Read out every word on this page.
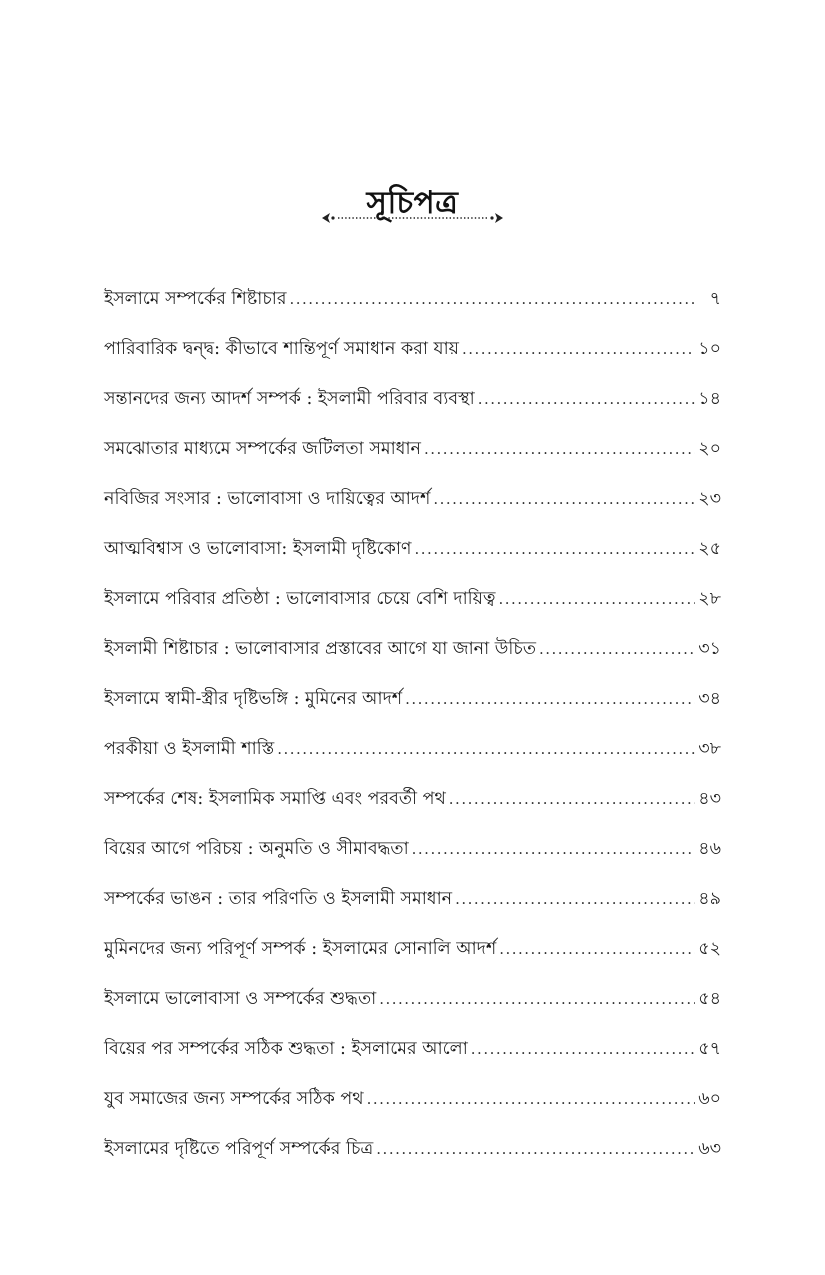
সূচিপত্র
ইসলামে সম্পর্কের শিষ্টাচার .....	৭
পারিবারিক দ্বন্দ্ব: কীভাবে শান্তিপূর্ণ সমাধান করা যায় .....	১০
সন্তানদের জন্য আদর্শ সম্পর্ক : ইসলামী পরিবার ব্যবস্থা .....	১৪
সমঝোতার মাধ্যমে সম্পর্কের জটিলতা সমাধান .....	২০
নবিজির সংসার : ভালোবাসা ও দায়িত্বের আদর্শ .....	২৩
আত্মবিশ্বাস ও ভালোবাসা: ইসলামী দৃষ্টিকোণ .....	২৫
ইসলামে পরিবার প্রতিষ্ঠা : ভালোবাসার চেয়ে বেশি দায়িত্ব .....	২৮
ইসলামী শিষ্টাচার : ভালোবাসার প্রস্তাবের আগে যা জানা উচিত .....	৩১
ইসলামে স্বামী-স্ত্রীর দৃষ্টিভঙ্গি : মুমিনের আদর্শ .....	৩৪
পরকীয়া ও ইসলামী শাস্তি .....	৩৮
সম্পর্কের শেষ: ইসলামিক সমাপ্তি এবং পরবর্তী পথ .....	৪৩
বিয়ের আগে পরিচয় : অনুমতি ও সীমাবদ্ধতা .....	৪৬
সম্পর্কের ভাঙন : তার পরিণতি ও ইসলামী সমাধান .....	৪৯
মুমিনদের জন্য পরিপূর্ণ সম্পর্ক : ইসলামের সোনালি আদর্শ .....	৫২
ইসলামে ভালোবাসা ও সম্পর্কের শুদ্ধতা .....	৫৪
বিয়ের পর সম্পর্কের সঠিক শুদ্ধতা : ইসলামের আলো .....	৫৭
যুব সমাজের জন্য সম্পর্কের সঠিক পথ .....	৬০
ইসলামের দৃষ্টিতে পরিপূর্ণ সম্পর্কের চিত্র .....	৬৩
